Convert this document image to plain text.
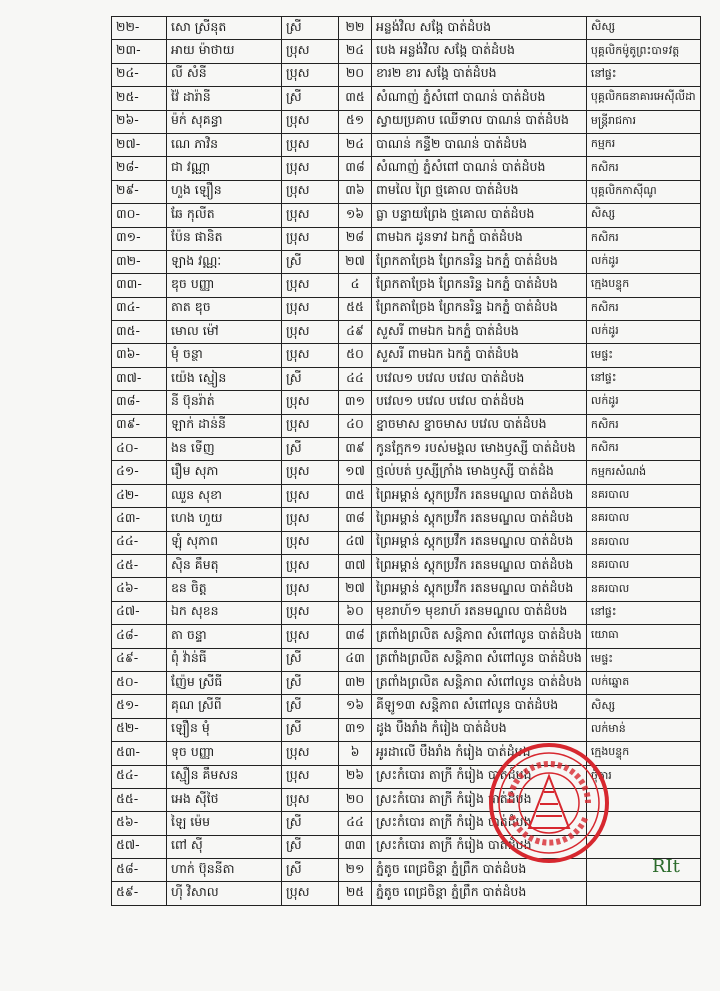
២២-	សោ ស្រីនុត	ស្រី	២២	អន្លង់វិល សង្កែ បាត់ដំបង	សិស្ស
២៣-	អាយ ម៉ាថាយ	ប្រុស	២៤	បេង អន្លង់វិល សង្កែ បាត់ដំបង	បុគ្គលិកម៉ូតូព្រះបាទវត្ត
២៤-	លី សំនី	ប្រុស	២០	ខារ២ ខារ សង្កែ បាត់ដំបង	នៅផ្ទះ
២៥-	វ៉ៃ ដារ៉ានី	ស្រី	៣៥	សំណាញ់ ភ្នំសំពៅ បាណន់ បាត់ដំបង	បុគ្គលិកធនាគារអេស៊ីលីដា
២៦-	ម៉ក់ សុគន្ធា	ប្រុស	៥១	ស្វាយប្រគាប ឈើទាល បាណន់ បាត់ដំបង	មន្ត្រីរាជការ
២៧-	ណេ ភាវិន	ប្រុស	២៤	បាណន់ កន្ទឺ២ បាណន់ បាត់ដំបង	កម្មករ
២៨-	ជា វណ្ណា	ប្រុស	៣៨	សំណាញ់ ភ្នំសំពៅ បាណន់ បាត់ដំបង	កសិករ
២៩-	ហួង ឡឿន	ប្រុស	៣៦	ពាមលៃ ព្រៃ ថ្មគោល បាត់ដំបង	បុគ្គលិកកាស៊ីណូ
៣០-	ឆែ កុលីត	ប្រុស	១៦	ធ្លា បន្ទាយព្រែង ថ្មគោល បាត់ដំបង	សិស្ស
៣១-	ប៉ែន ផានិត	ប្រុស	២៨	ពាមឯក ដូនទាវ ឯកភ្នំ បាត់ដំបង	កសិករ
៣២-	ឡាង វណ្ណៈ	ស្រី	២៧	ព្រែកតាច្រែង ព្រែកនរិន្ទ ឯកភ្នំ បាត់ដំបង	លក់ដូរ
៣៣-	ឌុច បញ្ញា	ប្រុស	៤	ព្រែកតាច្រែង ព្រែកនរិន្ទ ឯកភ្នំ បាត់ដំបង	ក្មេងបន្ទុក
៣៤-	តាត ឌុច	ប្រុស	៥៥	ព្រែកតាច្រែង ព្រែកនរិន្ទ ឯកភ្នំ បាត់ដំបង	កសិករ
៣៥-	មោល ម៉ៅ	ប្រុស	៤៩	សួសរី ពាមឯក ឯកភ្នំ បាត់ដំបង	លក់ដូរ
៣៦-	មុំ ចន្ថា	ប្រុស	៥០	សួសរី ពាមឯក ឯកភ្នំ បាត់ដំបង	មេផ្ទះ
៣៧-	យ៉េង ស្មៀន	ស្រី	៤៤	បវេល១ បវេល បវេល បាត់ដំបង	នៅផ្ទះ
៣៨-	នី ប៊ុនរ៉ាត់	ប្រុស	៣១	បវេល១ បវេល បវេល បាត់ដំបង	លក់ដូរ
៣៩-	ឡាក់ ដាន់នី	ប្រុស	៤០	ខ្នាចមាស ខ្នាចមាស បវេល បាត់ដំបង	កសិករ
៤០-	ងន ទើញ	ស្រី	៣៩	កូនក្អែក១ របស់មង្គល មោងឫស្សី បាត់ដំបង	កសិករ
៤១-	រឿម សុភា	ប្រុស	១៧	ថ្មល់បត់ ឫស្សីក្រាំង មោងឫស្សី បាត់ដំង	កម្មករសំណង់
៤២-	ឈួន សុខា	ប្រុស	៣៥	ព្រៃអម្ពាន់ ស្តុកប្រវឹក រតនមណ្ឌល បាត់ដំបង	នគរបាល
៤៣-	ហេង ហួយ	ប្រុស	៣៨	ព្រៃអម្ពាន់ ស្តុកប្រវឹក រតនមណ្ឌល បាត់ដំបង	នគរបាល
៤៤-	ឡុំ សុភាព	ប្រុស	៤៧	ព្រៃអម្ពាន់ ស្តុកប្រវឹក រតនមណ្ឌល បាត់ដំបង	នគរបាល
៤៥-	ស៊ិន គឹមតុ	ប្រុស	៣៧	ព្រៃអម្ពាន់ ស្តុកប្រវឹក រតនមណ្ឌល បាត់ដំបង	នគរបាល
៤៦-	ឧន ចិត្ត	ប្រុស	២៧	ព្រៃអម្ពាន់ ស្តុកប្រវឹក រតនមណ្ឌល បាត់ដំបង	នគរបាល
៤៧-	ឯក សុខន	ប្រុស	៦០	មុខរាហ៍១ មុខរាហ៍ រតនមណ្ឌល បាត់ដំបង	នៅផ្ទះ
៤៨-	តា ចន្ទា	ប្រុស	៣៨	ត្រពាំងព្រលិត សន្តិភាព សំពៅលូន បាត់ដំបង	យោធា
៤៩-	ពុំ វ៉ាន់ធី	ស្រី	៤៣	ត្រពាំងព្រលិត សន្តិភាព សំពៅលូន បាត់ដំបង	មេផ្ទះ
៥០-	ញ៉ែម ស្រីធី	ស្រី	៣២	ត្រពាំងព្រលិត សន្តិភាព សំពៅលូន បាត់ដំបង	លក់ឆ្នោត
៥១-	គុណ ស្រីពី	ស្រី	១៦	គីឡូ១៣ សន្តិភាព សំពៅលូន បាត់ដំបង	សិស្ស
៥២-	ឡឿន មុំ	ស្រី	៣១	ដូង បឹងរាំង កំរៀង បាត់ដំបង	លក់មាន់
៥៣-	ទុច បញ្ញា	ប្រុស	៦	អូរដាលើ បឹងរាំង កំរៀង បាត់ដំបង	ក្មេងបន្ទុក
៥៤-	ស្មឿន គឹមសន	ប្រុស	២៦	ស្រះកំបោរ តាក្រី កំរៀង បាត់ដំបង	ចុំការ
៥៥-	អេង ស៊ីថៃ	ប្រុស	២០	ស្រះកំបោរ តាក្រី កំរៀង បាត់ដំបង	
៥៦-	ឡៃ ម៉េម	ស្រី	៤៤	ស្រះកំបោរ តាក្រី កំរៀង បាត់ដំបង	
៥៧-	ពៅ ស៊ី	ស្រី	៣៣	ស្រះកំបោរ តាក្រី កំរៀង បាត់ដំបង	
៥៨-	ហាក់ ប៊ុននីតា	ស្រី	២១	ភ្នំតូច ពេជ្រចិន្តា ភ្នំព្រឹក បាត់ដំបង	
៥៩-	ហ៊ី វិសាល	ប្រុស	២៥	ភ្នំតូច ពេជ្រចិន្តា ភ្នំព្រឹក បាត់ដំបង	
RIt
